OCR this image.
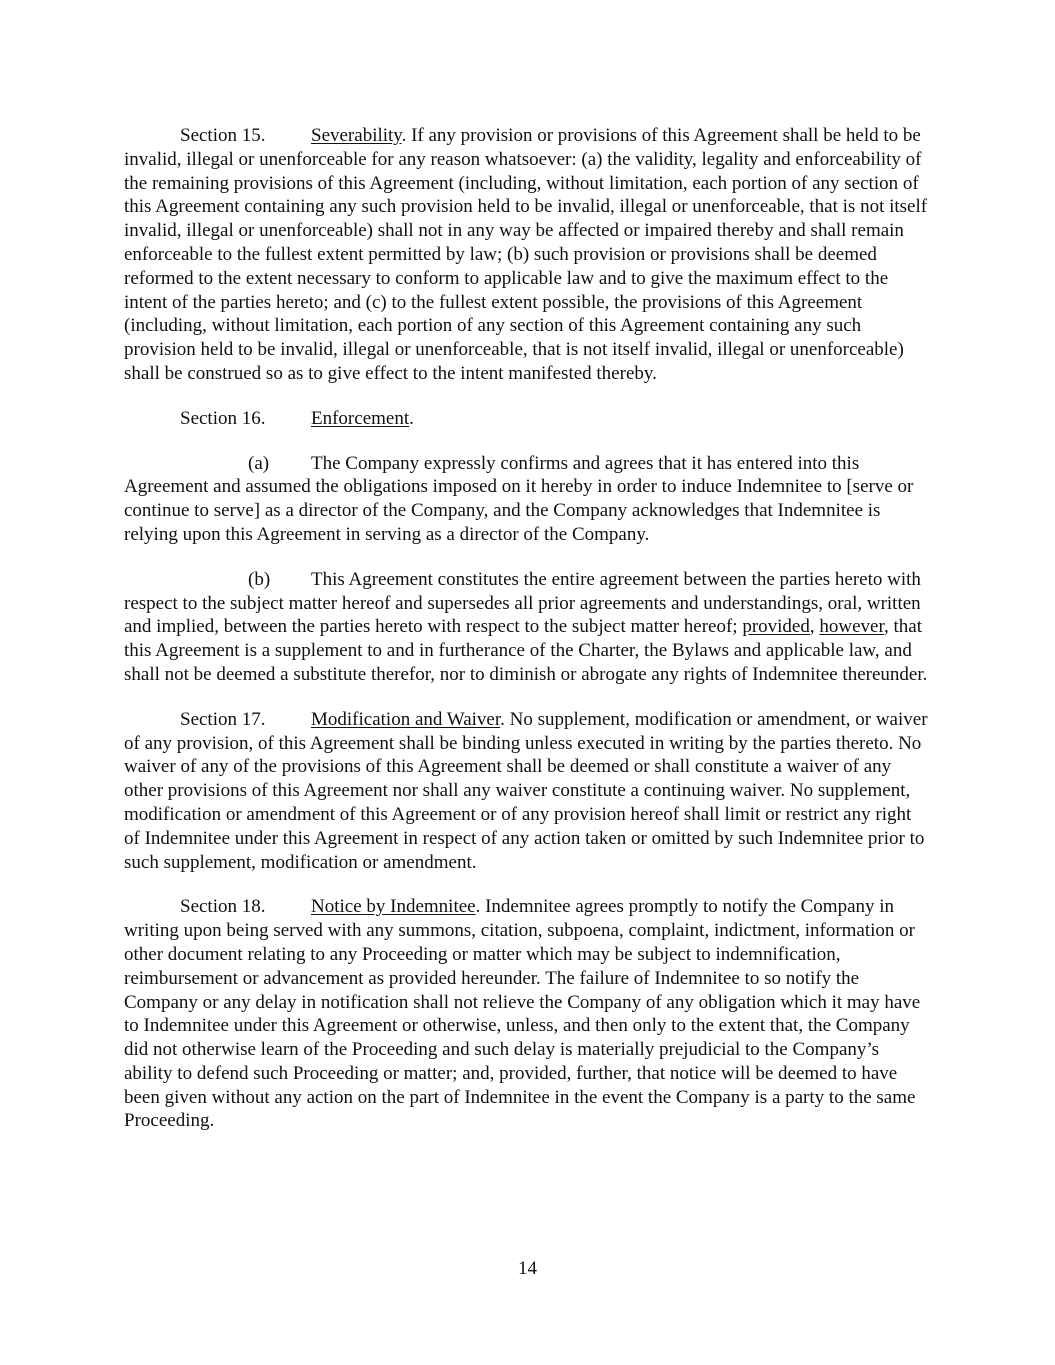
Section 15. Severability. If any provision or provisions of this Agreement shall be held to be invalid, illegal or unenforceable for any reason whatsoever: (a) the validity, legality and enforceability of the remaining provisions of this Agreement (including, without limitation, each portion of any section of this Agreement containing any such provision held to be invalid, illegal or unenforceable, that is not itself invalid, illegal or unenforceable) shall not in any way be affected or impaired thereby and shall remain enforceable to the fullest extent permitted by law; (b) such provision or provisions shall be deemed reformed to the extent necessary to conform to applicable law and to give the maximum effect to the intent of the parties hereto; and (c) to the fullest extent possible, the provisions of this Agreement (including, without limitation, each portion of any section of this Agreement containing any such provision held to be invalid, illegal or unenforceable, that is not itself invalid, illegal or unenforceable) shall be construed so as to give effect to the intent manifested thereby.

Section 16. Enforcement.

(a) The Company expressly confirms and agrees that it has entered into this Agreement and assumed the obligations imposed on it hereby in order to induce Indemnitee to [serve or continue to serve] as a director of the Company, and the Company acknowledges that Indemnitee is relying upon this Agreement in serving as a director of the Company.

(b) This Agreement constitutes the entire agreement between the parties hereto with respect to the subject matter hereof and supersedes all prior agreements and understandings, oral, written and implied, between the parties hereto with respect to the subject matter hereof; provided, however, that this Agreement is a supplement to and in furtherance of the Charter, the Bylaws and applicable law, and shall not be deemed a substitute therefor, nor to diminish or abrogate any rights of Indemnitee thereunder.

Section 17. Modification and Waiver. No supplement, modification or amendment, or waiver of any provision, of this Agreement shall be binding unless executed in writing by the parties thereto. No waiver of any of the provisions of this Agreement shall be deemed or shall constitute a waiver of any other provisions of this Agreement nor shall any waiver constitute a continuing waiver. No supplement, modification or amendment of this Agreement or of any provision hereof shall limit or restrict any right of Indemnitee under this Agreement in respect of any action taken or omitted by such Indemnitee prior to such supplement, modification or amendment.

Section 18. Notice by Indemnitee. Indemnitee agrees promptly to notify the Company in writing upon being served with any summons, citation, subpoena, complaint, indictment, information or other document relating to any Proceeding or matter which may be subject to indemnification, reimbursement or advancement as provided hereunder. The failure of Indemnitee to so notify the Company or any delay in notification shall not relieve the Company of any obligation which it may have to Indemnitee under this Agreement or otherwise, unless, and then only to the extent that, the Company did not otherwise learn of the Proceeding and such delay is materially prejudicial to the Company’s ability to defend such Proceeding or matter; and, provided, further, that notice will be deemed to have been given without any action on the part of Indemnitee in the event the Company is a party to the same Proceeding.

14
